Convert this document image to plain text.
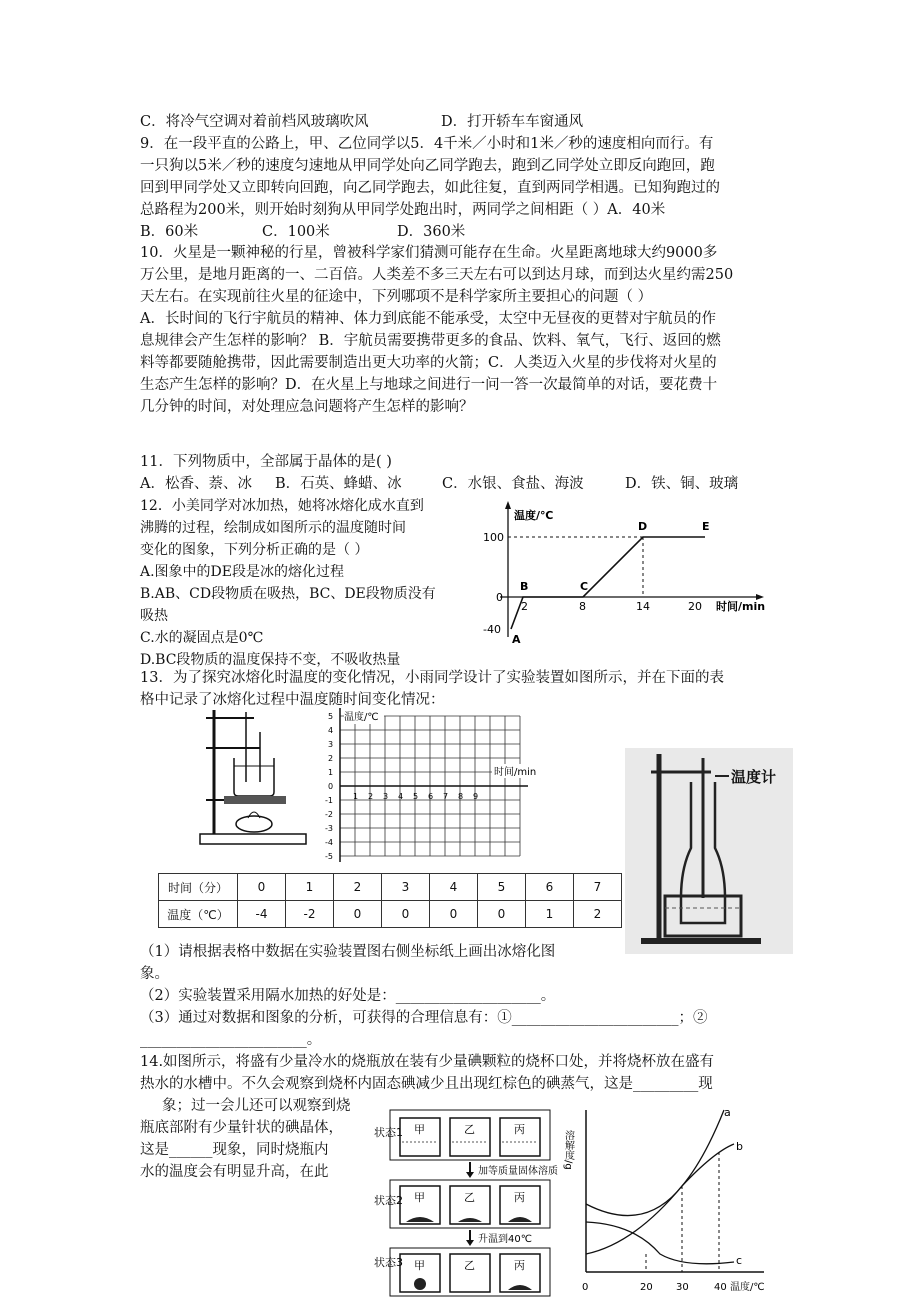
C．将冷气空调对着前档风玻璃吹风	D．打开轿车车窗通风
9．在一段平直的公路上，甲、乙位同学以5．4千米／小时和1米／秒的速度相向而行。有
一只狗以5米／秒的速度匀速地从甲同学处向乙同学跑去，跑到乙同学处立即反向跑回，跑
回到甲同学处又立即转向回跑，向乙同学跑去，如此往复，直到两同学相遇。已知狗跑过的
总路程为200米，则开始时刻狗从甲同学处跑出时，两同学之间相距（ ）A．40米
B．60米	C．100米	D．360米
10．火星是一颗神秘的行星，曾被科学家们猜测可能存在生命。火星距离地球大约9000多
万公里，是地月距离的一、二百倍。人类差不多三天左右可以到达月球，而到达火星约需250
天左右。在实现前往火星的征途中，下列哪项不是科学家所主要担心的问题（ ）
A．长时间的飞行宇航员的精神、体力到底能不能承受，太空中无昼夜的更替对宇航员的作
息规律会产生怎样的影响？ B．宇航员需要携带更多的食品、饮料、氧气，飞行、返回的燃
料等都要随舱携带，因此需要制造出更大功率的火箭；C．人类迈入火星的步伐将对火星的
生态产生怎样的影响？D．在火星上与地球之间进行一问一答一次最简单的对话，要花费十
几分钟的时间，对处理应急问题将产生怎样的影响？
11．下列物质中，全部属于晶体的是( )
A．松香、萘、冰 B．石英、蜂蜡、冰	C．水银、食盐、海波	D．铁、铜、玻璃
12．小美同学对冰加热，她将冰熔化成水直到
沸腾的过程，绘制成如图所示的温度随时间
变化的图象，下列分析正确的是（ ）
A.图象中的DE段是冰的熔化过程
B.AB、CD段物质在吸热，BC、DE段物质没有
吸热
C.水的凝固点是0℃
D.BC段物质的温度保持不变，不吸收热量
温度/℃
时间/min
100
0
-40
2	8	14	20
A
B	C
D	E
13．为了探究冰熔化时温度的变化情况，小雨同学设计了实验装置如图所示，并在下面的表
格中记录了冰熔化过程中温度随时间变化情况：
温度/℃
时间/min
5
4
3
2
1
0
-1
-2
-3
-4
-5
1 2 3 4 5 6 7 8 9
温度计
时间（分）	0	1	2	3	4	5	6	7
温度（℃）	-4	-2	0	0	0	0	1	2
（1）请根据表格中数据在实验装置图右侧坐标纸上画出冰熔化图
象。
（2）实验装置采用隔水加热的好处是：____________________。
（3）通过对数据和图象的分析，可获得的合理信息有：①_______________________；②
_______________________。
14.如图所示，将盛有少量冷水的烧瓶放在装有少量碘颗粒的烧杯口处，并将烧杯放在盛有
热水的水槽中。不久会观察到烧杯内固态碘减少且出现红棕色的碘蒸气，这是_________现
象；过一会儿还可以观察到烧
瓶底部附有少量针状的碘晶体，
这是______现象，同时烧瓶内
水的温度会有明显升高，在此
状态1
状态2
状态3
甲	乙	丙
加等质量固体溶质
甲	乙	丙
升温到40℃
甲	乙	丙
溶解度/g
温度/℃
0	20 30	40
a
b
c
